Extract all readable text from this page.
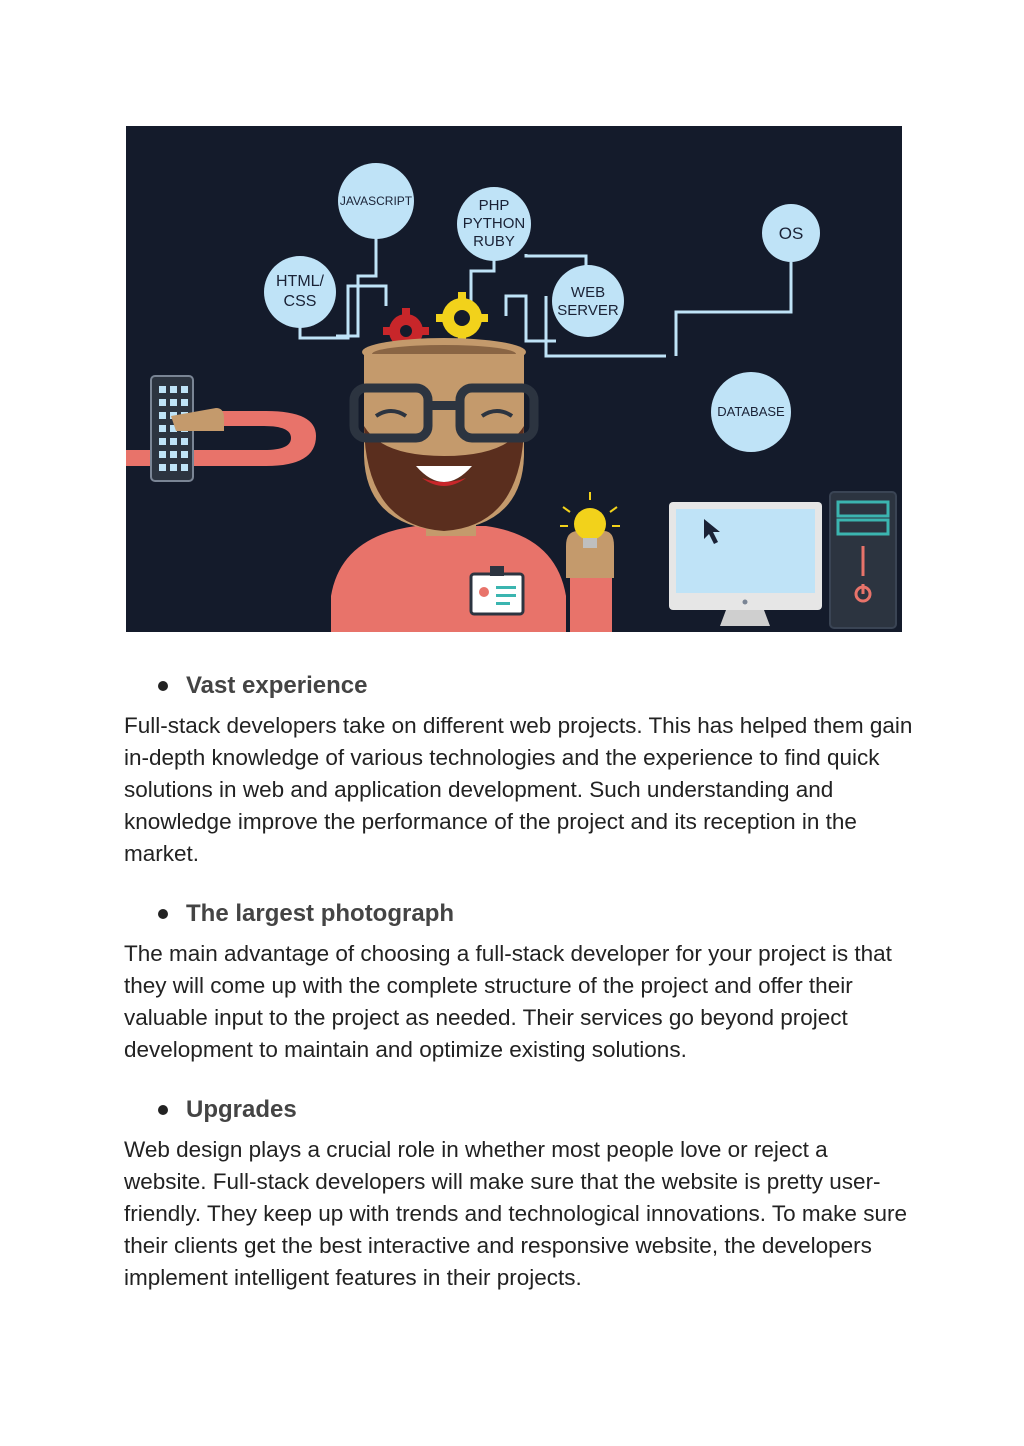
JAVASCRIPT	PHP
PYTHON
RUBY	OS
HTML/
CSS
WEB
SERVER
DATABASE
Vast experience

Full-stack developers take on different web projects. This has helped them gain in-depth knowledge of various technologies and the experience to find quick solutions in web and application development. Such understanding and knowledge improve the performance of the project and its reception in the market.

The largest photograph

The main advantage of choosing a full-stack developer for your project is that they will come up with the complete structure of the project and offer their valuable input to the project as needed. Their services go beyond project development to maintain and optimize existing solutions.

Upgrades

Web design plays a crucial role in whether most people love or reject a website. Full-stack developers will make sure that the website is pretty user-friendly. They keep up with trends and technological innovations. To make sure their clients get the best interactive and responsive website, the developers implement intelligent features in their projects.
